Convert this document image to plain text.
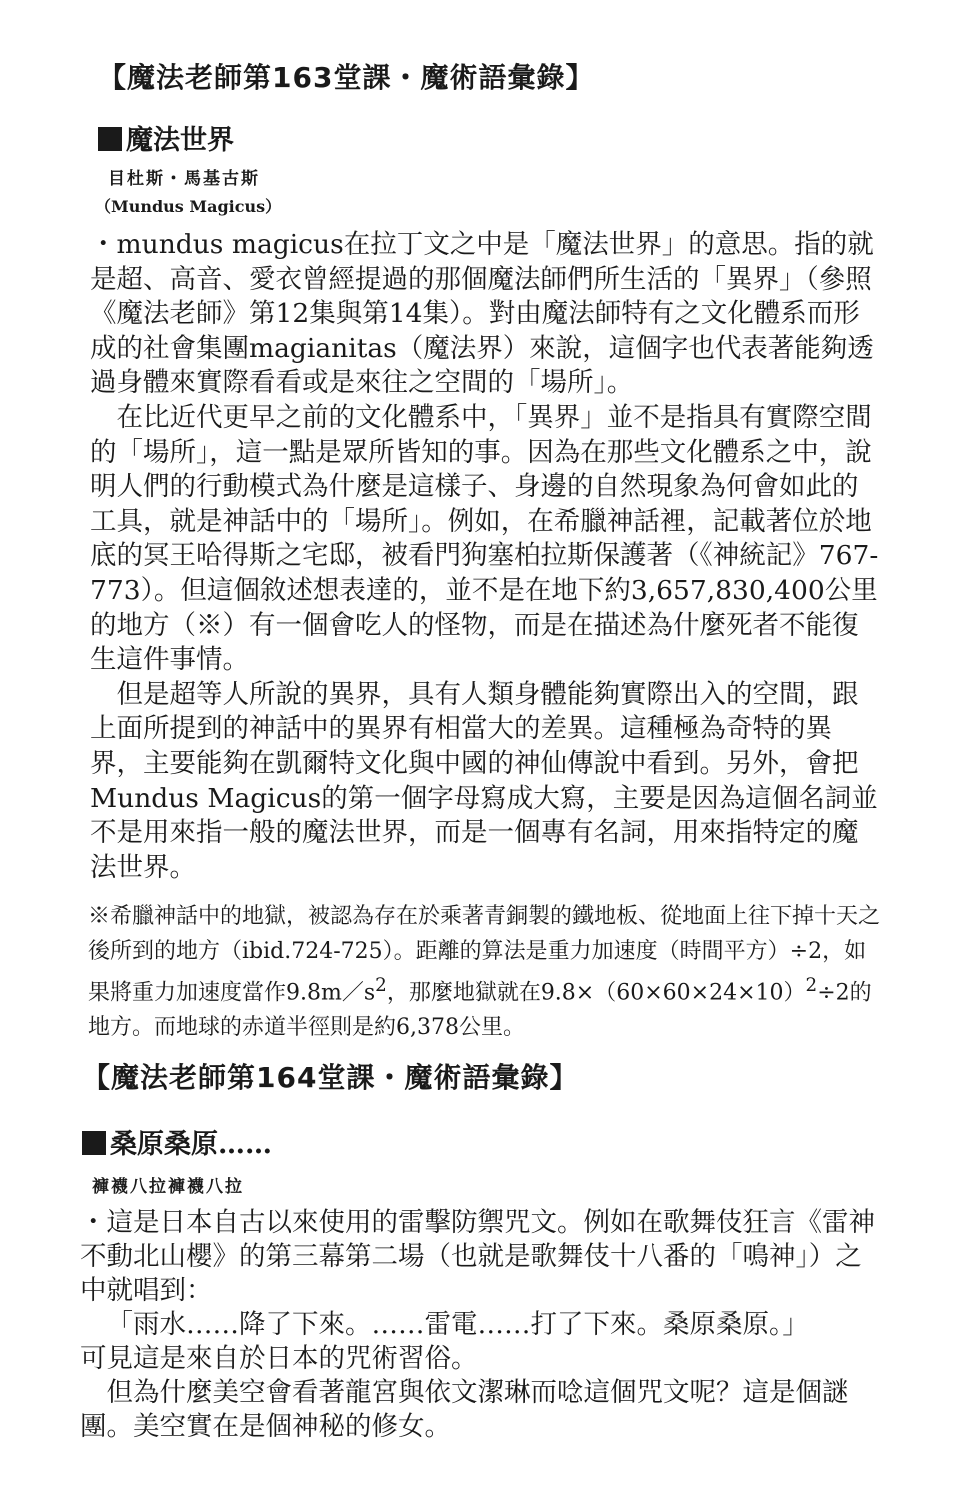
【魔法老師第163堂課・魔術語彙錄】
魔法世界
目杜斯・馬基古斯
（Mundus Magicus）

・mundus magicus在拉丁文之中是「魔法世界」的意思。指的就是超、高音、愛衣曾經提過的那個魔法師們所生活的「異界」（參照《魔法老師》第12集與第14集）。對由魔法師特有之文化體系而形成的社會集團magianitas（魔法界）來說，這個字也代表著能夠透過身體來實際看看或是來往之空間的「場所」。

在比近代更早之前的文化體系中，「異界」並不是指具有實際空間的「場所」，這一點是眾所皆知的事。因為在那些文化體系之中，說明人們的行動模式為什麼是這樣子、身邊的自然現象為何會如此的工具，就是神話中的「場所」。例如，在希臘神話裡，記載著位於地底的冥王哈得斯之宅邸，被看門狗塞柏拉斯保護著（《神統記》767-773）。但這個敘述想表達的，並不是在地下約3,657,830,400公里的地方（※）有一個會吃人的怪物，而是在描述為什麼死者不能復生這件事情。

但是超等人所說的異界，具有人類身體能夠實際出入的空間，跟上面所提到的神話中的異界有相當大的差異。這種極為奇特的異界，主要能夠在凱爾特文化與中國的神仙傳說中看到。另外，會把Mundus Magicus的第一個字母寫成大寫，主要是因為這個名詞並不是用來指一般的魔法世界，而是一個專有名詞，用來指特定的魔法世界。

※希臘神話中的地獄，被認為存在於乘著青銅製的鐵地板、從地面上往下掉十天之後所到的地方（ibid.724-725）。距離的算法是重力加速度（時間平方）÷2，如果將重力加速度當作$9.8m/s^2$，那麼地獄就在$9.8\times(60\times 60\times 24\times 10)^2\div 2$的地方。而地球的赤道半徑則是約6,378公里。
【魔法老師第164堂課・魔術語彙錄】
桑原桑原……
褲襪八拉褲襪八拉

・這是日本自古以來使用的雷擊防禦咒文。例如在歌舞伎狂言《雷神不動北山櫻》的第三幕第二場（也就是歌舞伎十八番的「鳴神」）之中就唱到：

「雨水……降了下來。……雷電……打了下來。桑原桑原。」

可見這是來自於日本的咒術習俗。

但為什麼美空會看著龍宮與依文潔琳而唸這個咒文呢？這是個謎團。美空實在是個神秘的修女。
